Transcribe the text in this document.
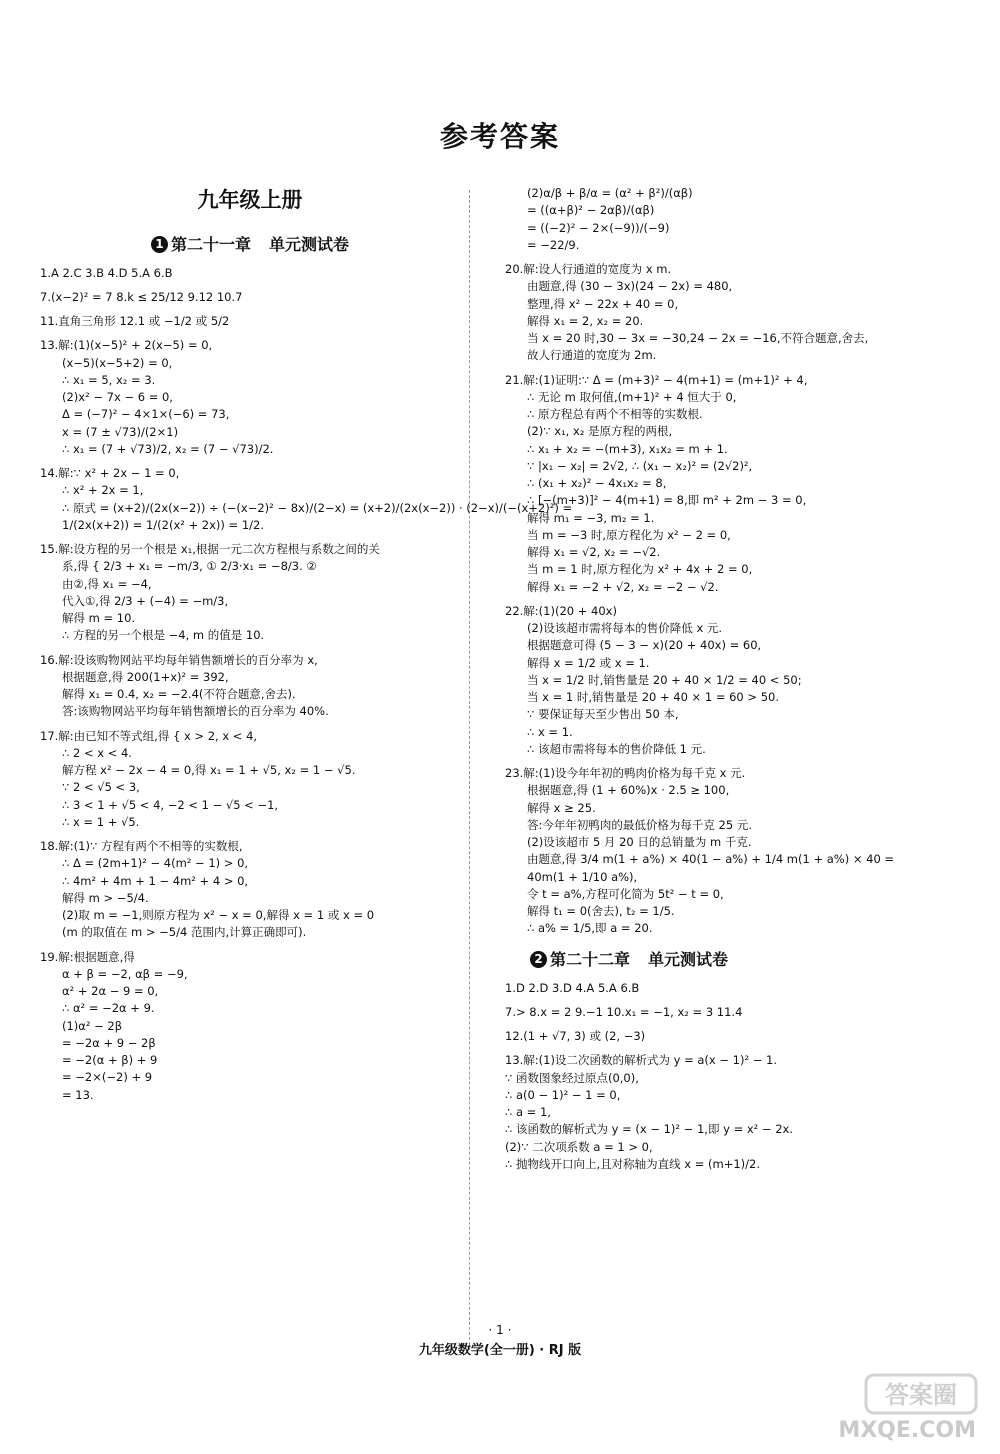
参考答案
九年级上册
1 第二十一章 单元测试卷
1.A 2.C 3.B 4.D 5.A 6.B
7.(x−2)² = 7 8.k ≤ 25/12 9.12 10.7
11.直角三角形 12.1 或 −1/2 或 5/2
13.解:(1)(x−5)² + 2(x−5) = 0,
(x−5)(x−5+2) = 0,
∴ x₁ = 5, x₂ = 3.
(2)x² − 7x − 6 = 0,
Δ = (−7)² − 4×1×(−6) = 73,
x = (7 ± √73)/(2×1)
∴ x₁ = (7 + √73)/2, x₂ = (7 − √73)/2.
14.解:∵ x² + 2x − 1 = 0,
∴ x² + 2x = 1,
∴ 原式 = (x+2)/(2x(x−2)) ÷ (−(x−2)² − 8x)/(2−x) = (x+2)/(2x(x−2)) · (2−x)/(−(x+2)²) =
1/(2x(x+2)) = 1/(2(x² + 2x)) = 1/2.
15.解:设方程的另一个根是 x₁,根据一元二次方程根与系数之间的关
系,得 { 2/3 + x₁ = −m/3, ① 2/3·x₁ = −8/3. ②
由②,得 x₁ = −4,
代入①,得 2/3 + (−4) = −m/3,
解得 m = 10.
∴ 方程的另一个根是 −4, m 的值是 10.
16.解:设该购物网站平均每年销售额增长的百分率为 x,
根据题意,得 200(1+x)² = 392,
解得 x₁ = 0.4, x₂ = −2.4(不符合题意,舍去).
答:该购物网站平均每年销售额增长的百分率为 40%.
17.解:由已知不等式组,得 { x > 2, x < 4,
∴ 2 < x < 4.
解方程 x² − 2x − 4 = 0,得 x₁ = 1 + √5, x₂ = 1 − √5.
∵ 2 < √5 < 3,
∴ 3 < 1 + √5 < 4, −2 < 1 − √5 < −1,
∴ x = 1 + √5.
18.解:(1)∵ 方程有两个不相等的实数根,
∴ Δ = (2m+1)² − 4(m² − 1) > 0,
∴ 4m² + 4m + 1 − 4m² + 4 > 0,
解得 m > −5/4.
(2)取 m = −1,则原方程为 x² − x = 0,解得 x = 1 或 x = 0
(m 的取值在 m > −5/4 范围内,计算正确即可).
19.解:根据题意,得
α + β = −2, αβ = −9,
α² + 2α − 9 = 0,
∴ α² = −2α + 9.
(1)α² − 2β
= −2α + 9 − 2β
= −2(α + β) + 9
= −2×(−2) + 9
= 13.
(2)α/β + β/α = (α² + β²)/(αβ)
= ((α+β)² − 2αβ)/(αβ)
= ((−2)² − 2×(−9))/(−9)
= −22/9.
20.解:设人行通道的宽度为 x m.
由题意,得 (30 − 3x)(24 − 2x) = 480,
整理,得 x² − 22x + 40 = 0,
解得 x₁ = 2, x₂ = 20.
当 x = 20 时,30 − 3x = −30,24 − 2x = −16,不符合题意,舍去,
故人行通道的宽度为 2m.
21.解:(1)证明:∵ Δ = (m+3)² − 4(m+1) = (m+1)² + 4,
∴ 无论 m 取何值,(m+1)² + 4 恒大于 0,
∴ 原方程总有两个不相等的实数根.
(2)∵ x₁, x₂ 是原方程的两根,
∴ x₁ + x₂ = −(m+3), x₁x₂ = m + 1.
∵ |x₁ − x₂| = 2√2, ∴ (x₁ − x₂)² = (2√2)²,
∴ (x₁ + x₂)² − 4x₁x₂ = 8,
∴ [−(m+3)]² − 4(m+1) = 8,即 m² + 2m − 3 = 0,
解得 m₁ = −3, m₂ = 1.
当 m = −3 时,原方程化为 x² − 2 = 0,
解得 x₁ = √2, x₂ = −√2.
当 m = 1 时,原方程化为 x² + 4x + 2 = 0,
解得 x₁ = −2 + √2, x₂ = −2 − √2.
22.解:(1)(20 + 40x)
(2)设该超市需将每本的售价降低 x 元.
根据题意可得 (5 − 3 − x)(20 + 40x) = 60,
解得 x = 1/2 或 x = 1.
当 x = 1/2 时,销售量是 20 + 40 × 1/2 = 40 < 50;
当 x = 1 时,销售量是 20 + 40 × 1 = 60 > 50.
∵ 要保证每天至少售出 50 本,
∴ x = 1.
∴ 该超市需将每本的售价降低 1 元.
23.解:(1)设今年年初的鸭肉价格为每千克 x 元.
根据题意,得 (1 + 60%)x · 2.5 ≥ 100,
解得 x ≥ 25.
答:今年年初鸭肉的最低价格为每千克 25 元.
(2)设该超市 5 月 20 日的总销量为 m 千克.
由题意,得 3/4 m(1 + a%) × 40(1 − a%) + 1/4 m(1 + a%) × 40 =
40m(1 + 1/10 a%),
令 t = a%,方程可化简为 5t² − t = 0,
解得 t₁ = 0(舍去), t₂ = 1/5.
∴ a% = 1/5,即 a = 20.
2 第二十二章 单元测试卷
1.D 2.D 3.D 4.A 5.A 6.B
7.> 8.x = 2 9.−1 10.x₁ = −1, x₂ = 3 11.4
12.(1 + √7, 3) 或 (2, −3)
13.解:(1)设二次函数的解析式为 y = a(x − 1)² − 1.
∵ 函数图象经过原点(0,0),
∴ a(0 − 1)² − 1 = 0,
∴ a = 1,
∴ 该函数的解析式为 y = (x − 1)² − 1,即 y = x² − 2x.
(2)∵ 二次项系数 a = 1 > 0,
∴ 抛物线开口向上,且对称轴为直线 x = (m+1)/2.
· 1 ·
九年级数学(全一册) · RJ 版
答案圈
MXQE.COM
